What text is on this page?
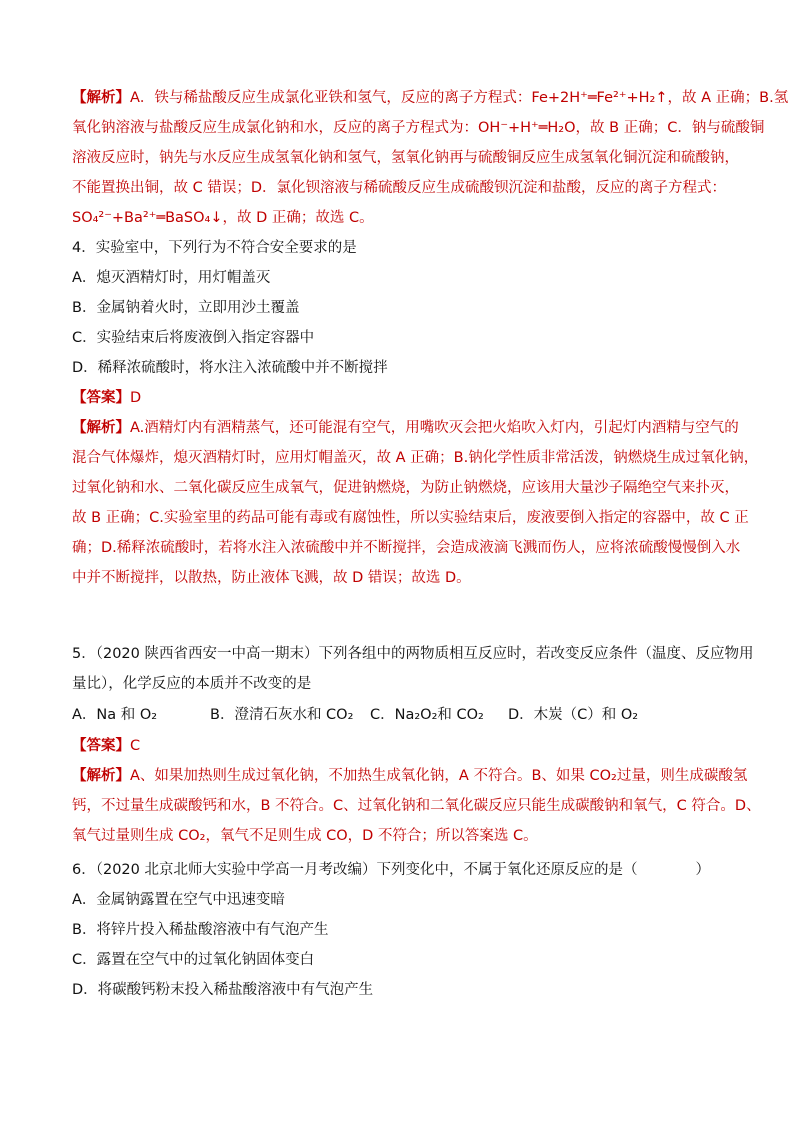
【解析】A．铁与稀盐酸反应生成氯化亚铁和氢气，反应的离子方程式：Fe+2H⁺═Fe²⁺+H₂↑，故 A 正确；B.氢
氧化钠溶液与盐酸反应生成氯化钠和水，反应的离子方程式为：OH⁻+H⁺═H₂O，故 B 正确；C．钠与硫酸铜
溶液反应时，钠先与水反应生成氢氧化钠和氢气，氢氧化钠再与硫酸铜反应生成氢氧化铜沉淀和硫酸钠，
不能置换出铜，故 C 错误；D．氯化钡溶液与稀硫酸反应生成硫酸钡沉淀和盐酸，反应的离子方程式：
SO₄²⁻+Ba²⁺═BaSO₄↓，故 D 正确；故选 C。
4．实验室中，下列行为不符合安全要求的是
A．熄灭酒精灯时，用灯帽盖灭
B．金属钠着火时，立即用沙土覆盖
C．实验结束后将废液倒入指定容器中
D．稀释浓硫酸时，将水注入浓硫酸中并不断搅拌
【答案】D
【解析】A.酒精灯内有酒精蒸气，还可能混有空气，用嘴吹灭会把火焰吹入灯内，引起灯内酒精与空气的
混合气体爆炸，熄灭酒精灯时，应用灯帽盖灭，故 A 正确；B.钠化学性质非常活泼，钠燃烧生成过氧化钠，
过氧化钠和水、二氧化碳反应生成氧气，促进钠燃烧，为防止钠燃烧，应该用大量沙子隔绝空气来扑灭，
故 B 正确；C.实验室里的药品可能有毒或有腐蚀性，所以实验结束后，废液要倒入指定的容器中，故 C 正
确；D.稀释浓硫酸时，若将水注入浓硫酸中并不断搅拌，会造成液滴飞溅而伤人，应将浓硫酸慢慢倒入水
中并不断搅拌，以散热，防止液体飞溅，故 D 错误；故选 D。
5．（2020 陕西省西安一中高一期末）下列各组中的两物质相互反应时，若改变反应条件（温度、反应物用
量比），化学反应的本质并不改变的是
A．Na 和 O₂	B．澄清石灰水和 CO₂ C．Na₂O₂和 CO₂ D．木炭（C）和 O₂
【答案】C
【解析】A、如果加热则生成过氧化钠，不加热生成氧化钠，A 不符合。B、如果 CO₂过量，则生成碳酸氢
钙，不过量生成碳酸钙和水，B 不符合。C、过氧化钠和二氧化碳反应只能生成碳酸钠和氧气，C 符合。D、
氧气过量则生成 CO₂，氧气不足则生成 CO，D 不符合；所以答案选 C。
6．（2020 北京北师大实验中学高一月考改编）下列变化中，不属于氧化还原反应的是（　　　　）
A．金属钠露置在空气中迅速变暗
B．将锌片投入稀盐酸溶液中有气泡产生
C．露置在空气中的过氧化钠固体变白
D．将碳酸钙粉末投入稀盐酸溶液中有气泡产生
